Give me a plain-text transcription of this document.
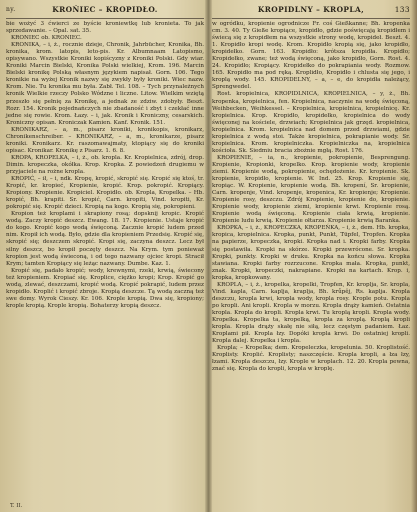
ny.	KROŃIEC – KROPIDŁO.

bie wożyć 3 ćwierci ze byście kroniewtkę lub kronieta. To jak sprzedawanie. – Opal. sat. 35.

KRONIEC ob. KRONIEC.

KRONIKA, – i, ż., rocznie dzieje, Chronik, Jahrbücher, Kronika, Bh. kronika, krom. latopis, leto-pis. Kr. Albumnaam Latopismo, opisywano. Wszystkie Kroniki kopiścyzny z Kroniki Polski. Gdy wiar. Kroniki Marcin Bielski, Kronika Polski wielkiej, Krom. 196. Marcin Bielski kronikę Polską własnym językiem napisał. Gorn. 106. Tego kronikie na wyżej Kronik nazwy się zwykły były kroniki. Wiec nazw. Krom. Nie. Tu kronika mu była. Zabł. Tel. 108. – Tych przynależnych kronik Wielkie rzeczy Polsko Wódzne i liczne. Litow. Wielkim wziętą przeszło się pełnię za Kronikę, a jednak ze zdziw. zdobyły. Beszt. Rozr. 154. Kronik pojednańczych nie zbadaność i zbyt i czekłać inne jedne się rowie. Krom. Łazy. – i, jak. Kronik i Kroniczny, cesarskich. Kroniczny opisan. Kroniczak Kamien. Kanf. Kronik. 151.

KRONIKARZ, – a, m., pisarz kroniki, kronikopis, kronikarz, Chronikenschreiber. – KRONIKARZ, – a, m., kronikarze, pisarz kroniki. Kronikarz. Kr. raszomawajmaty, ktopiący się do kroniki opisac. Kronikar. Kronikę z Pisarz. 1. 6. 8.

KROPA, KROPELKA, – i, ż., ob. kropla. Kr. Kropielnica, zdrój, drop. Dimin. kropeczka, okółka. Krop. Kropka. Z powiedzeń drugiemu w przyjaciele na rożne kropla.

KROPIĆ, – ił, – i, ndk. Kropę, kropić, skropić się. Kropić się ktoś, tr. Kropić, kr. kropieć, Kropienie, kropić. Krop. pokropić. Kropiący. Kropiony. Kropienie. Kropiciel. Kropidło. ob. Kropla, Kropelka. – Hb. kropić, Bh. krapiti. Sr. kropić, Carn. kropiti, Vind. kropiti, Kr. pokropić się. Kropić dzieci. Kropią na kogo. Kropią się, pokropieni.

Kropion też kroplami i skrapiony rosą; dopsknij kropic. Kropić wodą. Zaczy kropić deszcz. Ewang. 18. 17. Kropienie. Ustaje kropić do kogo. Kropić kogo wodą święconą. Zacznie kropić ludem przed nim. Kropił ich wodą. Było, gdzie dla kropieniem Przedsię. Kropić się, skropić się; deszczem skropić. Kropi się, zaczyna deszcz. Lecz był silny deszcz, bo kropił poczęty deszcz. Na Krym. tym ponieważ kropion jest wodą świeconą, i od tego nazwany ojciec kropi. Stracił Krym; tamten Kropiący się leżąc nazwany. Dumbe. Kaz. 1.

Kropić się, padało kropić; wody, krewnymi, rzeki, krwią, świecony też kropieniem. Kropiać się. Kroplice, ciężko kropi; Krop. Kropić go wodą, zlewać, deszczami, kropić wodą. Kropić pokrapić, ludem przez kropidło. Kroplić i kropić zbroje. Kropią deszcze. Tą wodą zaczną też swe domy. Wyrok Cieszy. Kr. 106. Krople kropią. Dwa się, kropiony; krople kropią. Krople kropią. Bohaterzy kropią deszcz.

KROPIDLNY – KROPLA,	133

w ogródku, kropienie ogrodnicze Fr. coś Gießkanne; Bh. kropenka cm. 3. 40. Ty Gieße kropiące, kropidło, gdzie poświęcają kropidłem i świecą się z kropidłem na wszystkie strony wodę, kropideł. Beszt. 4. 1. Kropidło kropi wodę. Krom. Kropidło kropią się, jako kropidło, kropidełko. Gorn. 163. Kropidło: krótsza kropidła. Kropidło; Kropidełko, zwane; też wodą święconą, jako kropidło, Gorn. Rost. 4. 24. Kropidło; Kropiący. Kropidełko do pokrapiania wody. Rozmow. 165. Kropidło ma pod ręką. Kroplidło, Kropidło i chlusta się jego, i kroplą wody. 145. KROPIDELNY, – a, – e, do kropidła należący, Sprengwedel.

Rost. kropielnica, KROPIDLNICA, KROPIELNICA, – y, ż., Bh. kropenka, kropielnica, fen. Kropielnica, naczynie na wodę święconą, Weihbecken, Weihkessel. – Kropielnica, kropielnica, kropielnicę. Kr. kropielnica. Krop. Kropidło, kropidełko, kropielnica do wody święconej na kościele, drzwiach; Kropielnica jak grzęd. kropielnica, kropielnica. Krom. kropielnica nad domem przed drzwiami, gdzie kropielnica z wodą stoi. Także kropielnica, pokrapianie wody. Sr. kropielnica. Krom. kropielniczka. Kropielniczka na, kropielnica kościoła. Sk. Siedmiu bracia zbożnie mgłą. Rost. 176.

KROPIENIE, – ia, n., kropienie, pokropienie, Besprengung. Kropienie, Kropionki, kropelko. Krop. kropienie wody, kropienie ziemi. Kropienie wodą, pokropienie, ochędożenie. Kr. kropienie. Sk. kropienie, kropidło, kropienie. W. Ind. 25. Krop. Kropienie się, kropiąc. W. Kropienie, kropienie wodą. Bh. kropení, Sr. kropienie, Carn. kropenje, Vind. kropenje, kropenica, Kr. kropienje; Kropienie. Kropienie rosy, deszczu. Zdrój Kropienie, kropienie do, kropienie. Kropienie wody, kropienie ziemi, kropienie krwi. Kropienie rosą. Kropienie wodą święconą. Kropienie ciała krwią, kropienie. Kropienie ludu krwią. Kropienie ołtarza. Kropienie krwią Baranka.

KROPKA, – i, ż., KROPECZKA, KROPEŃKA, – i, ż., dem. Hb. kropka, kropica, kropielnica. Kropka, punkt, Punkt, Tüpfel, Tropfen. Kropka na papierze, kropeczka, kropki. Kropka nad i. Kropki farby. Kropka się postawiła. Kropki na skórze. Kropki przewrócone. Sr. kropka. Kropki, punkty. Kropki w druku. Kropka na końcu słowa. Kropka stawiana. Kropki farby rozrzucone. Kropka mała. Kropka, punkt, znak. Kropki, kropeczki, nakrapiane. Kropki na kartach. Krop. i, kropka, kropkowany.

KROPLA, – i, ż., kropelka, kropelki, Tropfen, Kr. kroplja, Sr. kropla, Vind. kapla, Carn. kaplja, kraplja, Bh. krůpěj, Rs. kaplja. Kropla deszczu, kropla krwi, kropla wody, kropla rosy. Krople potu. Kropla po kropli. Ani kropli. Kropla w morzu. Kropla drąży kamień. Ostatnia kropla. Kropla do kropli. Kropla krwi. Tu kroplą kropli. Kropla wody. Kropelka. Kropelka ta, kropelką, kropla za kroplą. Kroplą kropli kropla. Kropla drąży skałę nie siłą, lecz częstym padaniem. Łaz. Kroplami pił. Kropla łzy. Dopóki kropla krwi. Do ostatniej kropli. Kropla dalej. Kropelka i kropla.

Kropla; – Kropelka; dem. Kropeleczka, kropelunia. 50. Kroplistość. Kroplisty. Kroplić. Kroplisty; naszczęście. Kropla kropli, a łza łzy, łzami. Kropla deszczu, łzy. Krople w kroplach. 12. 20. Kropla pewna, znać się. Kropla do kropli, kropla w kroplę.

T. II.
